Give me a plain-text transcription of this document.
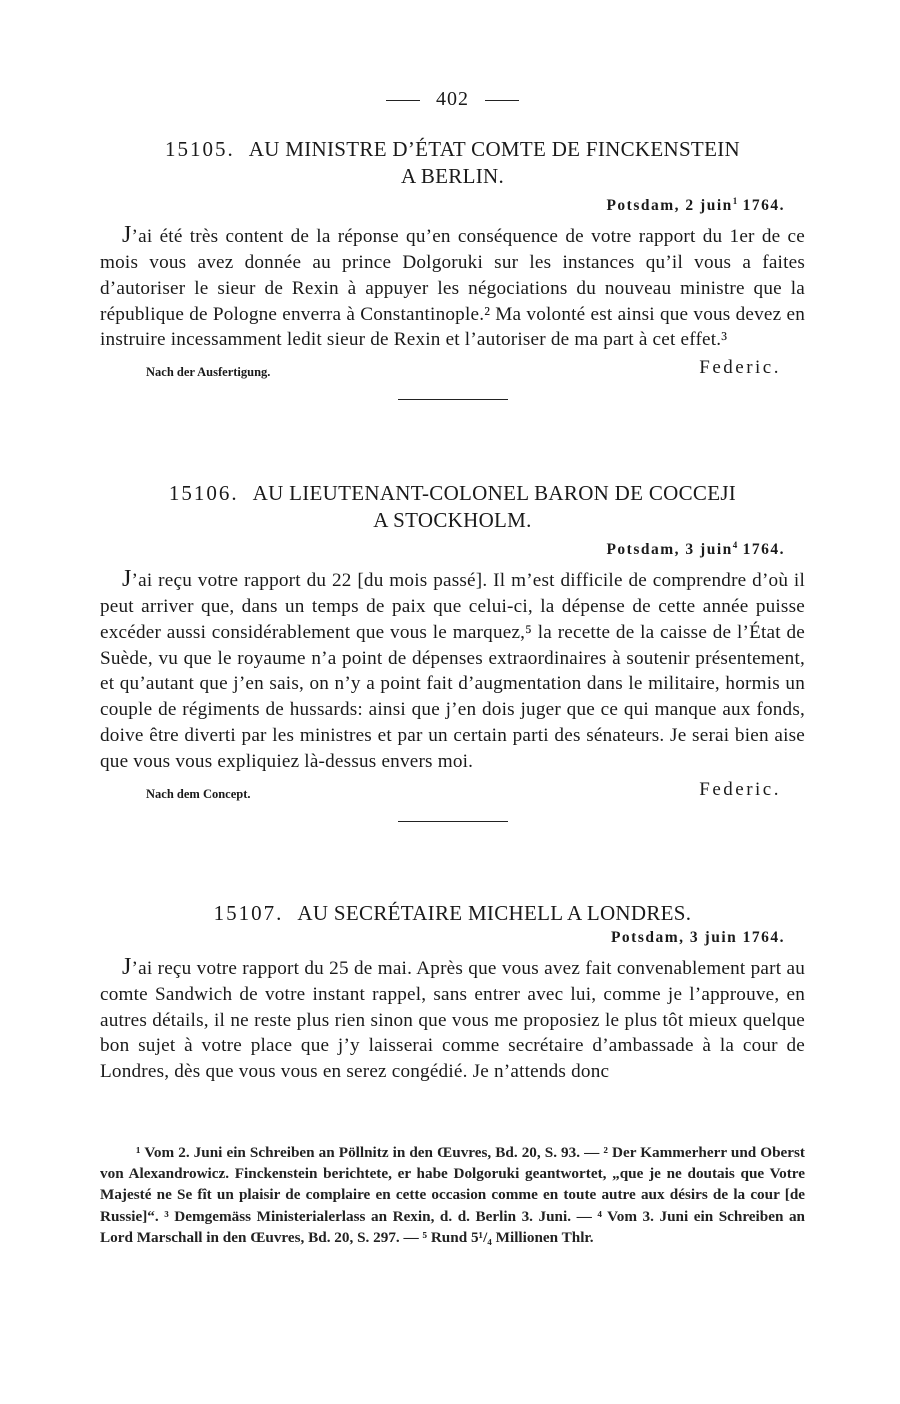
402
15105. AU MINISTRE D’ÉTAT COMTE DE FINCKENSTEIN
A BERLIN.
Potsdam, 2 juin$^1$ 1764.
J’ai été très content de la réponse qu’en conséquence de votre rapport du 1er de ce mois vous avez donnée au prince Dolgoruki sur les instances qu’il vous a faites d’autoriser le sieur de Rexin à appuyer les négociations du nouveau ministre que la république de Pologne enverra à Constantinople.² Ma volonté est ainsi que vous devez en instruire incessamment ledit sieur de Rexin et l’autoriser de ma part à cet effet.³
Nach der Ausfertigung.	Federic.
15106. AU LIEUTENANT-COLONEL BARON DE COCCEJI
A STOCKHOLM.
Potsdam, 3 juin$^4$ 1764.
J’ai reçu votre rapport du 22 [du mois passé]. Il m’est difficile de comprendre d’où il peut arriver que, dans un temps de paix que celui-ci, la dépense de cette année puisse excéder aussi considérablement que vous le marquez,⁵ la recette de la caisse de l’État de Suède, vu que le royaume n’a point de dépenses extraordinaires à soutenir présentement, et qu’autant que j’en sais, on n’y a point fait d’augmentation dans le militaire, hormis un couple de régiments de hussards: ainsi que j’en dois juger que ce qui manque aux fonds, doive être diverti par les ministres et par un certain parti des sénateurs. Je serai bien aise que vous vous expliquiez là-dessus envers moi.
Nach dem Concept.	Federic.
15107. AU SECRÉTAIRE MICHELL A LONDRES.
Potsdam, 3 juin 1764.
J’ai reçu votre rapport du 25 de mai. Après que vous avez fait convenablement part au comte Sandwich de votre instant rappel, sans entrer avec lui, comme je l’approuve, en autres détails, il ne reste plus rien sinon que vous me proposiez le plus tôt mieux quelque bon sujet à votre place que j’y laisserai comme secrétaire d’ambassade à la cour de Londres, dès que vous vous en serez congédié. Je n’attends donc

¹ Vom 2. Juni ein Schreiben an Pöllnitz in den Œuvres, Bd. 20, S. 93. — ² Der Kammerherr und Oberst von Alexandrowicz. Finckenstein berichtete, er habe Dolgoruki geantwortet, „que je ne doutais que Votre Majesté ne Se fît un plaisir de complaire en cette occasion comme en toute autre aux désirs de la cour [de Russie]“. ³ Demgemäss Ministerialerlass an Rexin, d. d. Berlin 3. Juni. — ⁴ Vom 3. Juni ein Schreiben an Lord Marschall in den Œuvres, Bd. 20, S. 297. — ⁵ Rund 5¹/₄ Millionen Thlr.
